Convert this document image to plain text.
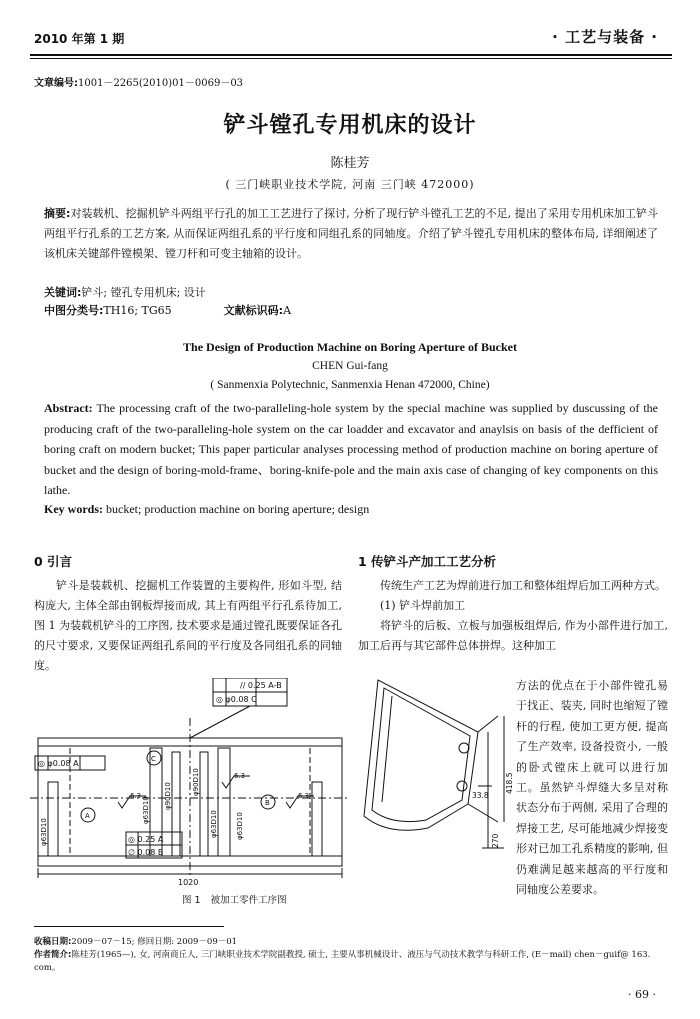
2010 年第 1 期	· 工艺与装备 ·
文章编号:1001－2265(2010)01－0069－03
铲斗镗孔专用机床的设计
陈桂芳
( 三门峡职业技术学院, 河南 三门峡 472000)
摘要:对装载机、挖掘机铲斗两组平行孔的加工工艺进行了探讨, 分析了现行铲斗镗孔工艺的不足, 提出了采用专用机床加工铲斗两组平行孔系的工艺方案, 从而保证两组孔系的平行度和同组孔系的同轴度。介绍了铲斗镗孔专用机床的整体布局, 详细阐述了该机床关键部件镗模架、镗刀杆和可变主轴箱的设计。
关键词:铲斗; 镗孔专用机床; 设计
中图分类号:TH16; TG65	文献标识码:A
The Design of Production Machine on Boring Aperture of Bucket
CHEN Gui-fang
( Sanmenxia Polytechnic, Sanmenxia Henan 472000, Chine)
Abstract: The processing craft of the two-paralleling-hole system by the special machine was supplied by duscussing of the producing craft of the two-paralleling-hole system on the car loadder and excavator and anaylsis on basis of the defficient of boring craft on modern bucket; This paper particular analyses processing method of production machine on boring aperture of bucket and the design of boring-mold-frame、boring-knife-pole and the main axis case of changing of key components on this lathe.
Key words: bucket; production machine on boring aperture; design
0 引言	1 传铲斗产加工工艺分析

铲斗是装载机、挖掘机工作装置的主要构件, 形如斗型, 结构庞大, 主体全部由钢板焊接而成, 其上有两组平行孔系待加工, 图 1 为装载机铲斗的工序图, 技术要求是通过镗孔既要保证各孔的尺寸要求, 又要保证两组孔系间的平行度及各同组孔系的同轴度。

传统生产工艺为焊前进行加工和整体组焊后加工两种方式。

(1) 铲斗焊前加工

将铲斗的后板、立板与加强板组焊后, 作为小部件进行加工, 加工后再与其它部件总体拼焊。这种加工

方法的优点在于小部件镗孔易于找正、装夹, 同时也缩短了镗杆的行程, 使加工更方便, 提高了生产效率, 设备投资小, 一般的卧式镗床上就可以进行加工。虽然铲斗焊缝大多呈对称状态分布于两侧, 采用了合理的焊接工艺, 尽可能地减少焊接变形对已加工孔系精度的影响, 但仍难满足越来越高的平行度和同轴度公差要求。

// 0.25 A-B
◎ φ0.08 C
◎ φ0.08 A
◎ 0.25 A
∅ 0.08 B
1020
C
B
A
6.3
6.3
6.3
φ63D10
φ63D10
φ90D10
φ90D10
φ63D10	φ63D10
33.8
418.5
270
图 1 被加工零件工序图
收稿日期:2009－07－15; 修回日期: 2009－09－01
作者简介:陈桂芳(1965—), 女, 河南商丘人, 三门峡职业技术学院副教授, 硕士, 主要从事机械设计、液压与气动技术教学与科研工作, (E－mail) chen－guif@ 163. com。
· 69 ·
